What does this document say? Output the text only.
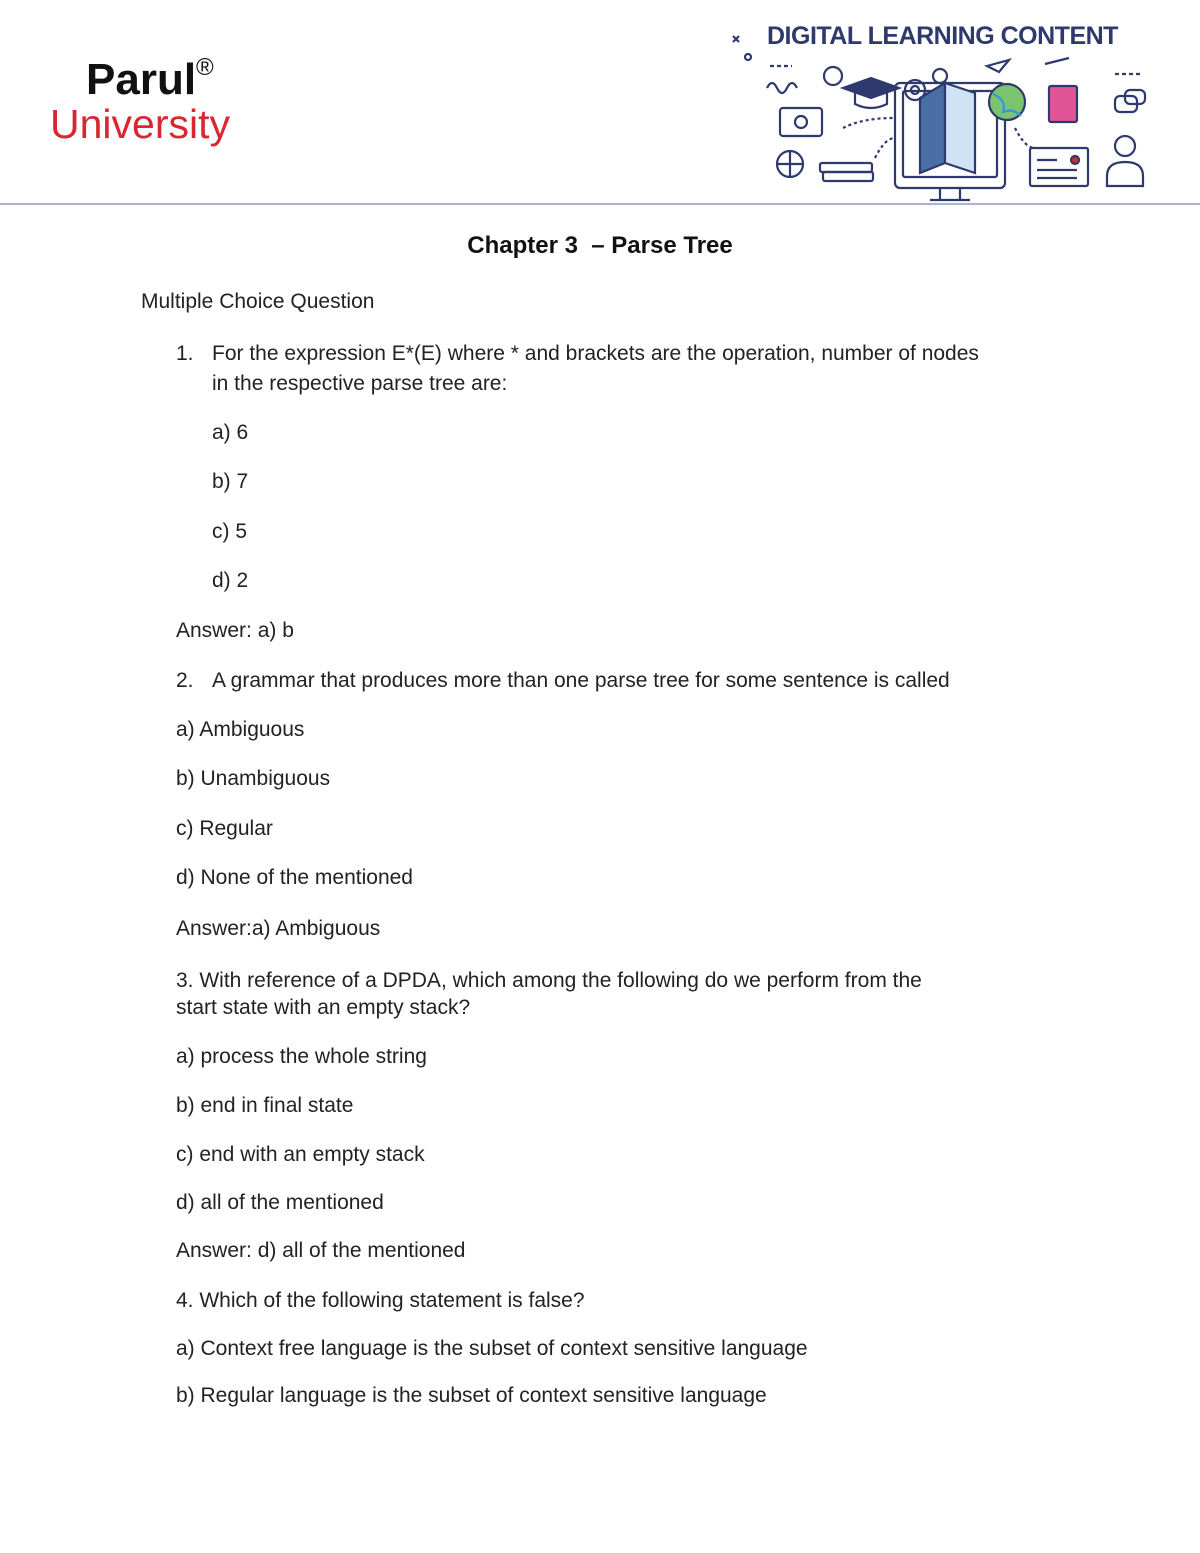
Parul®
University
DIGITAL LEARNING CONTENT
Chapter 3  – Parse Tree
Multiple Choice Question
1. For the expression E*(E) where * and brackets are the operation, number of nodes
in the respective parse tree are:
a) 6
b) 7
c) 5
d) 2
Answer: a) b
2. A grammar that produces more than one parse tree for some sentence is called
a) Ambiguous
b) Unambiguous
c) Regular
d) None of the mentioned
Answer:a) Ambiguous
3. With reference of a DPDA, which among the following do we perform from the
start state with an empty stack?
a) process the whole string
b) end in final state
c) end with an empty stack
d) all of the mentioned
Answer: d) all of the mentioned
4. Which of the following statement is false?
a) Context free language is the subset of context sensitive language
b) Regular language is the subset of context sensitive language
